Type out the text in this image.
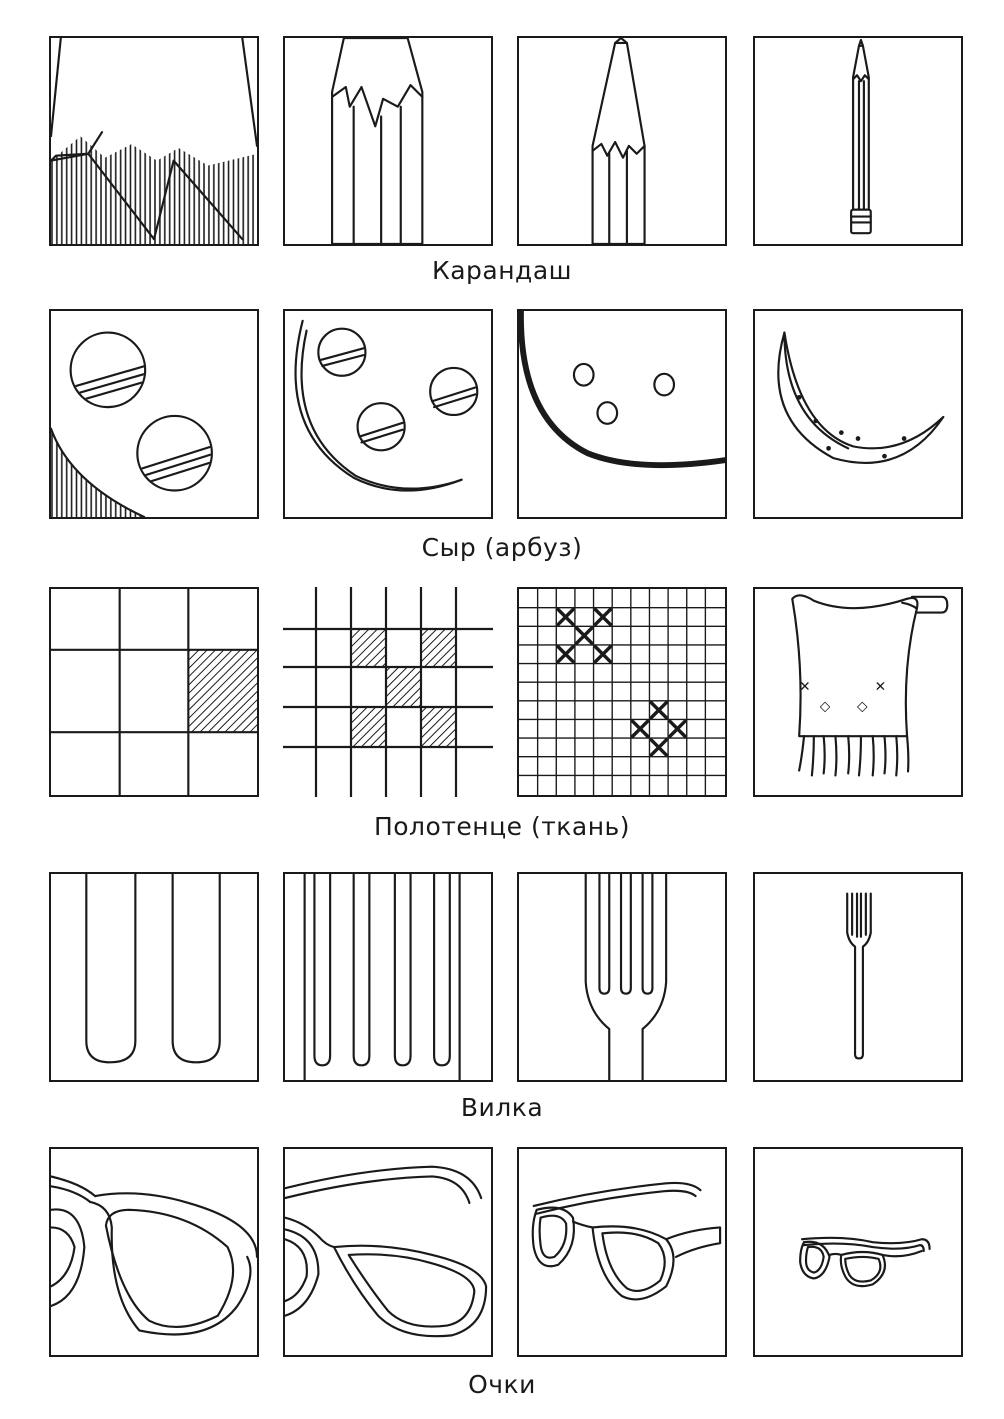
Карандаш
Сыр (арбуз)
✕	✕
◇ ◇
Полотенце (ткань)
Вилка
Очки
